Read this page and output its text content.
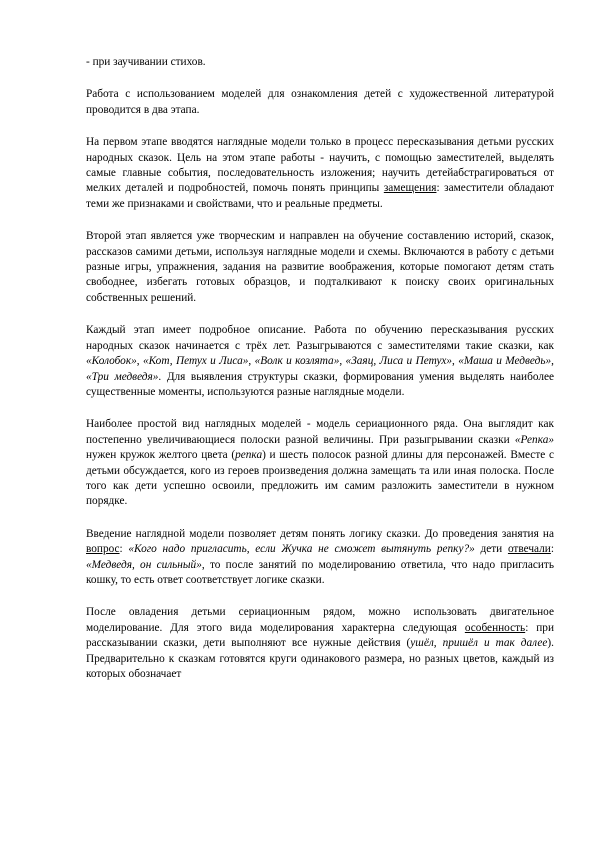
- при заучивании стихов.

Работа с использованием моделей для ознакомления детей с художественной литературой проводится в два этапа.

На первом этапе вводятся наглядные модели только в процесс пересказывания детьми русских народных сказок. Цель на этом этапе работы - научить, с помощью заместителей, выделять самые главные события, последовательность изложения; научить детейабстрагироваться от мелких деталей и подробностей, помочь понять принципы замещения: заместители обладают теми же признаками и свойствами, что и реальные предметы.

Второй этап является уже творческим и направлен на обучение составлению историй, сказок, рассказов самими детьми, используя наглядные модели и схемы. Включаются в работу с детьми разные игры, упражнения, задания на развитие воображения, которые помогают детям стать свободнее, избегать готовых образцов, и подталкивают к поиску своих оригинальных собственных решений.

Каждый этап имеет подробное описание. Работа по обучению пересказывания русских народных сказок начинается с трёх лет. Разыгрываются с заместителями такие сказки, как «Колобок», «Кот, Петух и Лиса», «Волк и козлята», «Заяц, Лиса и Петух», «Маша и Медведь», «Три медведя». Для выявления структуры сказки, формирования умения выделять наиболее существенные моменты, используются разные наглядные модели.

Наиболее простой вид наглядных моделей - модель сериационного ряда. Она выглядит как постепенно увеличивающиеся полоски разной величины. При разыгрывании сказки «Репка» нужен кружок желтого цвета (репка) и шесть полосок разной длины для персонажей. Вместе с детьми обсуждается, кого из героев произведения должна замещать та или иная полоска. После того как дети успешно освоили, предложить им самим разложить заместители в нужном порядке.

Введение наглядной модели позволяет детям понять логику сказки. До проведения занятия на вопрос: «Кого надо пригласить, если Жучка не сможет вытянуть репку?» дети отвечали: «Медведя, он сильный», то после занятий по моделированию ответила, что надо пригласить кошку, то есть ответ соответствует логике сказки.

После овладения детьми сериационным рядом, можно использовать двигательное моделирование. Для этого вида моделирования характерна следующая особенность: при рассказывании сказки, дети выполняют все нужные действия (ушёл, пришёл и так далее). Предварительно к сказкам готовятся круги одинакового размера, но разных цветов, каждый из которых обозначает
